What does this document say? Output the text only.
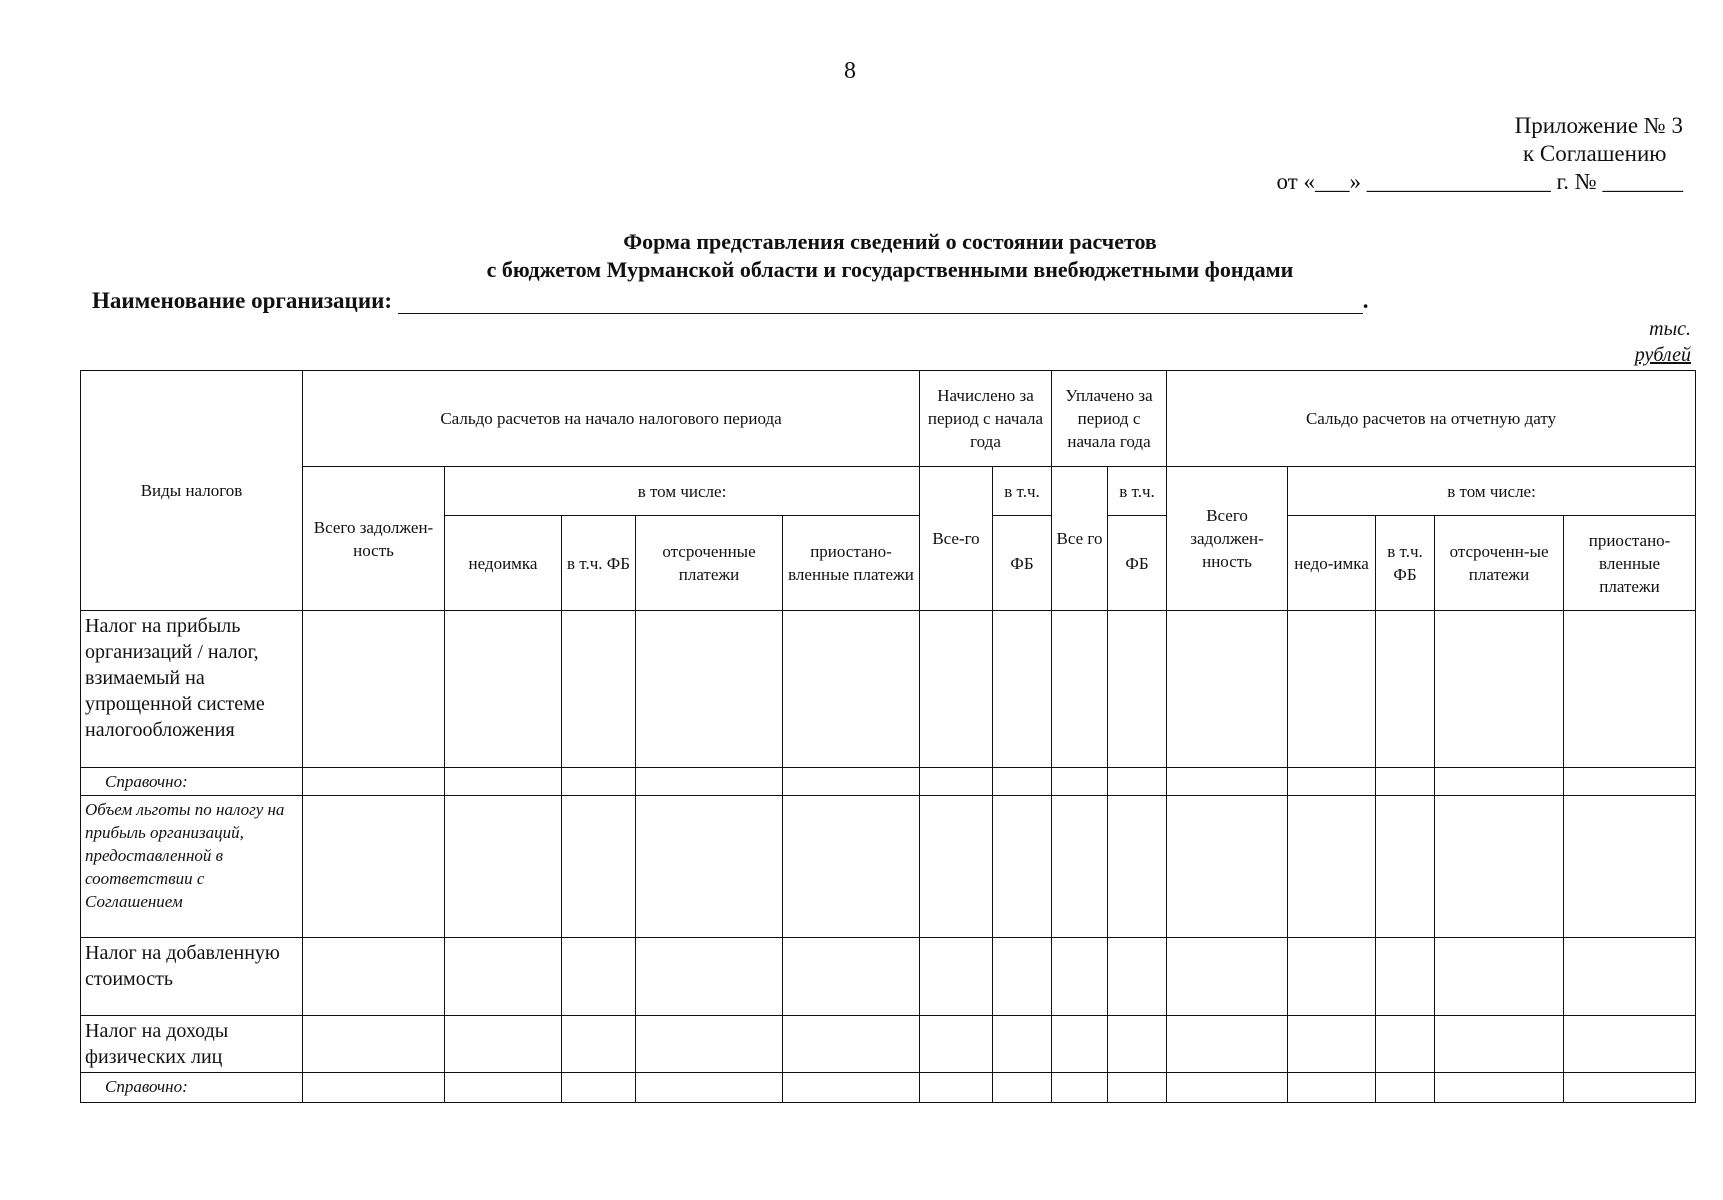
8
Приложение № 3
к Соглашению
от «___» ________________ г. № _______
Форма представления сведений о состоянии расчетов
с бюджетом Мурманской области и государственными внебюджетными фондами
Наименование организации:	.
тыс.
рублей
Виды налогов	Сальдо расчетов на начало налогового периода					Начислено за период с начала года		Уплачено за период с начала года		Сальдо расчетов на отчетную дату				
	Всего задолжен-ность	в том числе:				Все-го	в т.ч.	Все го	в т.ч.	Всего задолжен-нность	в том числе:			
		недоимка	в т.ч. ФБ	отсроченные платежи	приостано-вленные платежи		ФБ		ФБ		недо-имка	в т.ч. ФБ	отсроченн-ые платежи	приостано-вленные платежи
Налог на прибыль организаций / налог, взимаемый на упрощенной системе налогообложения														
Справочно:														
Объем льготы по налогу на прибыль организаций, предоставленной в соответствии с Соглашением														
Налог на добавленную стоимость														
Налог на доходы физических лиц														
Справочно:														
